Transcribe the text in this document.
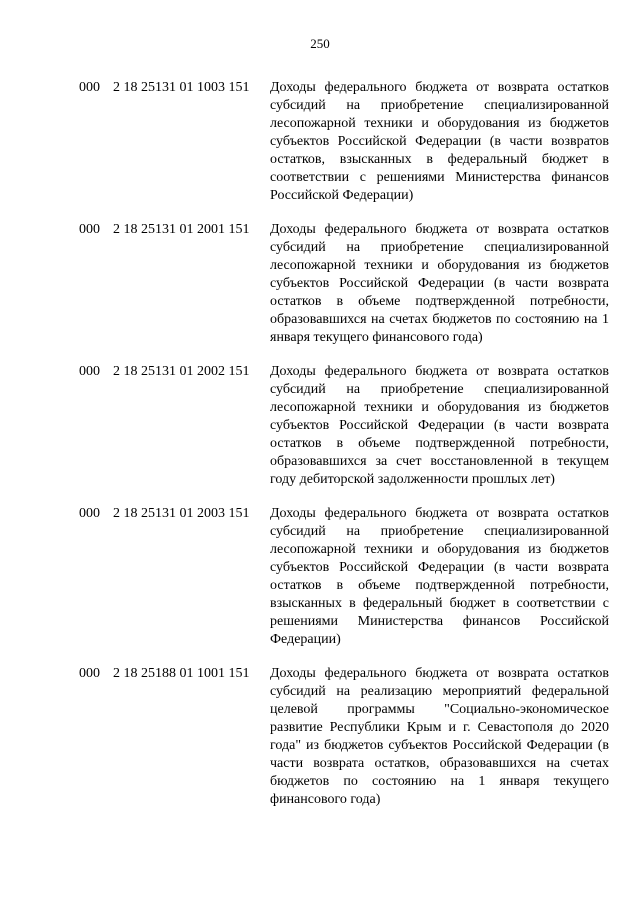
250
000 2 18 25131 01 1003 151 Доходы федерального бюджета от возврата остатков субсидий на приобретение специализированной лесопожарной техники и оборудования из бюджетов субъектов Российской Федерации (в части возвратов остатков, взысканных в федеральный бюджет в соответствии с решениями Министерства финансов Российской Федерации)
000 2 18 25131 01 2001 151 Доходы федерального бюджета от возврата остатков субсидий на приобретение специализированной лесопожарной техники и оборудования из бюджетов субъектов Российской Федерации (в части возврата остатков в объеме подтвержденной потребности, образовавшихся на счетах бюджетов по состоянию на 1 января текущего финансового года)
000 2 18 25131 01 2002 151 Доходы федерального бюджета от возврата остатков субсидий на приобретение специализированной лесопожарной техники и оборудования из бюджетов субъектов Российской Федерации (в части возврата остатков в объеме подтвержденной потребности, образовавшихся за счет восстановленной в текущем году дебиторской задолженности прошлых лет)
000 2 18 25131 01 2003 151 Доходы федерального бюджета от возврата остатков субсидий на приобретение специализированной лесопожарной техники и оборудования из бюджетов субъектов Российской Федерации (в части возврата остатков в объеме подтвержденной потребности, взысканных в федеральный бюджет в соответствии с решениями Министерства финансов Российской Федерации)
000 2 18 25188 01 1001 151 Доходы федерального бюджета от возврата остатков субсидий на реализацию мероприятий федеральной целевой программы "Социально-экономическое развитие Республики Крым и г. Севастополя до 2020 года" из бюджетов субъектов Российской Федерации (в части возврата остатков, образовавшихся на счетах бюджетов по состоянию на 1 января текущего финансового года)
